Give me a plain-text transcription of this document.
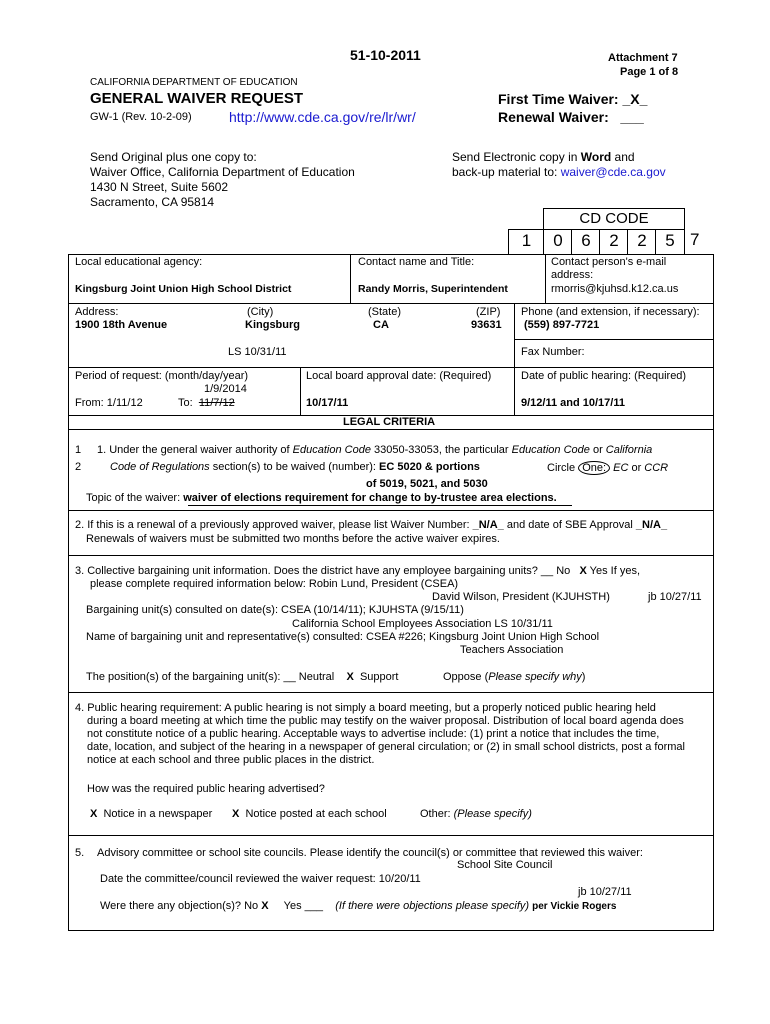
51-10-2011	Attachment 7
Page 1 of 8
CALIFORNIA DEPARTMENT OF EDUCATION
GENERAL WAIVER REQUEST
GW-1 (Rev. 10-2-09)	http://www.cde.ca.gov/re/lr/wr/
First Time Waiver: _X_
Renewal Waiver: ___
Send Original plus one copy to:
Waiver Office, California Department of Education
1430 N Street, Suite 5602
Sacramento, CA 95814
Send Electronic copy in Word and
back-up material to: waiver@cde.ca.gov
CD CODE
1	0	6	2	2	5 7
Local educational agency:
Kingsburg Joint Union High School District
Contact name and Title:
Randy Morris, Superintendent
Contact person's e-mail address:
rmorris@kjuhsd.k12.ca.us
Address:
1900 18th Avenue
(City)
Kingsburg
(State)
CA
(ZIP)
93631
Phone (and extension, if necessary):
(559) 897-7721
LS 10/31/11	Fax Number:
Period of request: (month/day/year)
1/9/2014
From: 1/11/12	To: 11/7/12
Local board approval date: (Required)
10/17/11
Date of public hearing: (Required)
9/12/11 and 10/17/11
LEGAL CRITERIA
1
2
1. Under the general waiver authority of Education Code 33050-33053, the particular Education Code or California
Code of Regulations section(s) to be waived (number): EC 5020 & portions	Circle One: EC or CCR
of 5019, 5021, and 5030
Topic of the waiver: waiver of elections requirement for change to by-trustee area elections.
2. If this is a renewal of a previously approved waiver, please list Waiver Number: _N/A_ and date of SBE Approval _N/A_
Renewals of waivers must be submitted two months before the active waiver expires.
3. Collective bargaining unit information. Does the district have any employee bargaining units? __ No X Yes If yes,
please complete required information below: Robin Lund, President (CSEA)
David Wilson, President (KJUHSTH)	jb 10/27/11
Bargaining unit(s) consulted on date(s): CSEA (10/14/11); KJUHSTA (9/15/11)
California School Employees Association LS 10/31/11
Name of bargaining unit and representative(s) consulted: CSEA #226; Kingsburg Joint Union High School
Teachers Association
The position(s) of the bargaining unit(s): __ Neutral X Support	Oppose (Please specify why)
4. Public hearing requirement: A public hearing is not simply a board meeting, but a properly noticed public hearing held
during a board meeting at which time the public may testify on the waiver proposal. Distribution of local board agenda does
not constitute notice of a public hearing. Acceptable ways to advertise include: (1) print a notice that includes the time,
date, location, and subject of the hearing in a newspaper of general circulation; or (2) in small school districts, post a formal
notice at each school and three public places in the district.
How was the required public hearing advertised?
X Notice in a newspaper X Notice posted at each school	Other: (Please specify)
5. Advisory committee or school site councils. Please identify the council(s) or committee that reviewed this waiver:
School Site Council
Date the committee/council reviewed the waiver request: 10/20/11
jb 10/27/11
Were there any objection(s)? No X Yes ___ (If there were objections please specify) per Vickie Rogers
